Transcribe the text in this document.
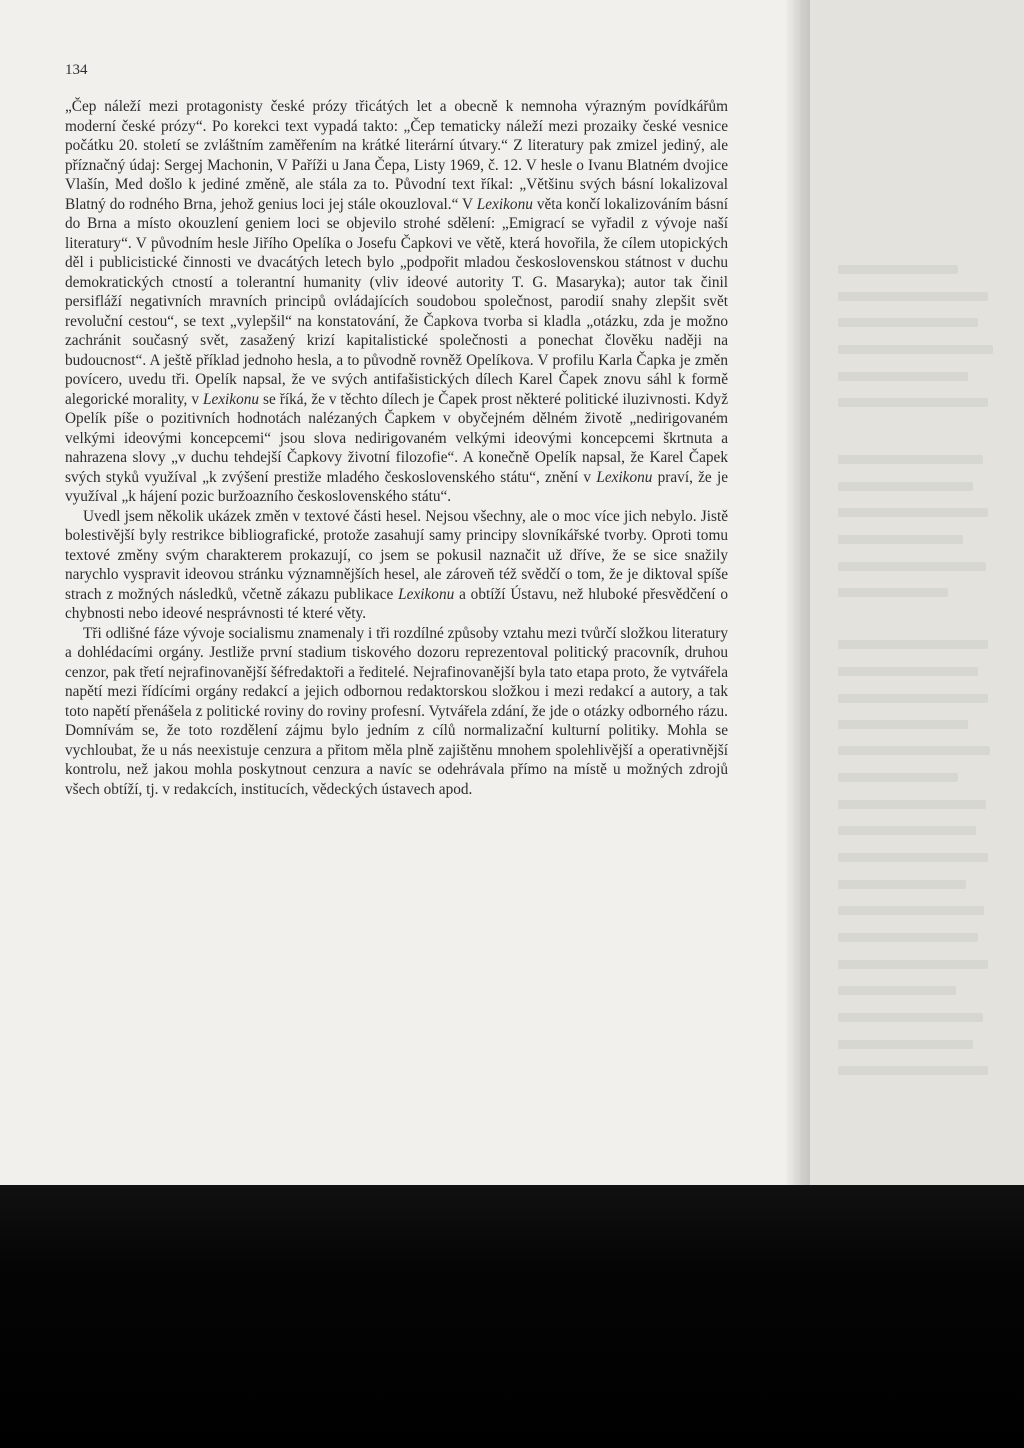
134

„Čep náleží mezi protagonisty české prózy třicátých let a obecně k nemnoha výrazným povídkářům moderní české prózy“. Po korekci text vypadá takto: „Čep tematicky náleží mezi prozaiky české vesnice počátku 20. století se zvláštním zaměřením na krátké literární útvary.“ Z literatury pak zmizel jediný, ale příznačný údaj: Sergej Machonin, V Paříži u Jana Čepa, Listy 1969, č. 12. V hesle o Ivanu Blatném dvojice Vlašín, Med došlo k jediné změně, ale stála za to. Původní text říkal: „Většinu svých básní lokalizoval Blatný do rodného Brna, jehož genius loci jej stále okouzloval.“ V Lexikonu věta končí lokalizováním básní do Brna a místo okouzlení geniem loci se objevilo strohé sdělení: „Emigrací se vyřadil z vývoje naší literatury“. V původním hesle Jiřího Opelíka o Josefu Čapkovi ve větě, která hovořila, že cílem utopických děl i publicistické činnosti ve dvacátých letech bylo „podpořit mladou československou státnost v duchu demokratických ctností a tolerantní humanity (vliv ideové autority T. G. Masaryka); autor tak činil persifláží negativních mravních principů ovládajících soudobou společnost, parodií snahy zlepšit svět revoluční cestou“, se text „vylepšil“ na konstatování, že Čapkova tvorba si kladla „otázku, zda je možno zachránit současný svět, zasažený krizí kapitalistické společnosti a ponechat člověku naději na budoucnost“. A ještě příklad jednoho hesla, a to původně rovněž Opelíkova. V profilu Karla Čapka je změn povícero, uvedu tři. Opelík napsal, že ve svých antifašistických dílech Karel Čapek znovu sáhl k formě alegorické morality, v Lexikonu se říká, že v těchto dílech je Čapek prost některé politické iluzivnosti. Když Opelík píše o pozitivních hodnotách nalézaných Čapkem v obyčejném dělném životě „nedirigovaném velkými ideovými koncepcemi“ jsou slova nedirigovaném velkými ideovými koncepcemi škrtnuta a nahrazena slovy „v duchu tehdejší Čapkovy životní filozofie“. A konečně Opelík napsal, že Karel Čapek svých styků využíval „k zvýšení prestiže mladého československého státu“, znění v Lexikonu praví, že je využíval „k hájení pozic buržoazního československého státu“.

Uvedl jsem několik ukázek změn v textové části hesel. Nejsou všechny, ale o moc více jich nebylo. Jistě bolestivější byly restrikce bibliografické, protože zasahují samy principy slovníkářské tvorby. Oproti tomu textové změny svým charakterem prokazují, co jsem se pokusil naznačit už dříve, že se sice snažily narychlo vyspravit ideovou stránku významnějších hesel, ale zároveň též svědčí o tom, že je diktoval spíše strach z možných následků, včetně zákazu publikace Lexikonu a obtíží Ústavu, než hluboké přesvědčení o chybnosti nebo ideové nesprávnosti té které věty.

Tři odlišné fáze vývoje socialismu znamenaly i tři rozdílné způsoby vztahu mezi tvůrčí složkou literatury a dohlédacími orgány. Jestliže první stadium tiskového dozoru reprezentoval politický pracovník, druhou cenzor, pak třetí nejrafinovanější šéfredaktoři a ředitelé. Nejrafinovanější byla tato etapa proto, že vytvářela napětí mezi řídícími orgány redakcí a jejich odbornou redaktorskou složkou i mezi redakcí a autory, a tak toto napětí přenášela z politické roviny do roviny profesní. Vytvářela zdání, že jde o otázky odborného rázu. Domnívám se, že toto rozdělení zájmu bylo jedním z cílů normalizační kulturní politiky. Mohla se vychloubat, že u nás neexistuje cenzura a přitom měla plně zajištěnu mnohem spolehlivější a operativnější kontrolu, než jakou mohla poskytnout cenzura a navíc se odehrávala přímo na místě u možných zdrojů všech obtíží, tj. v redakcích, institucích, vědeckých ústavech apod.
